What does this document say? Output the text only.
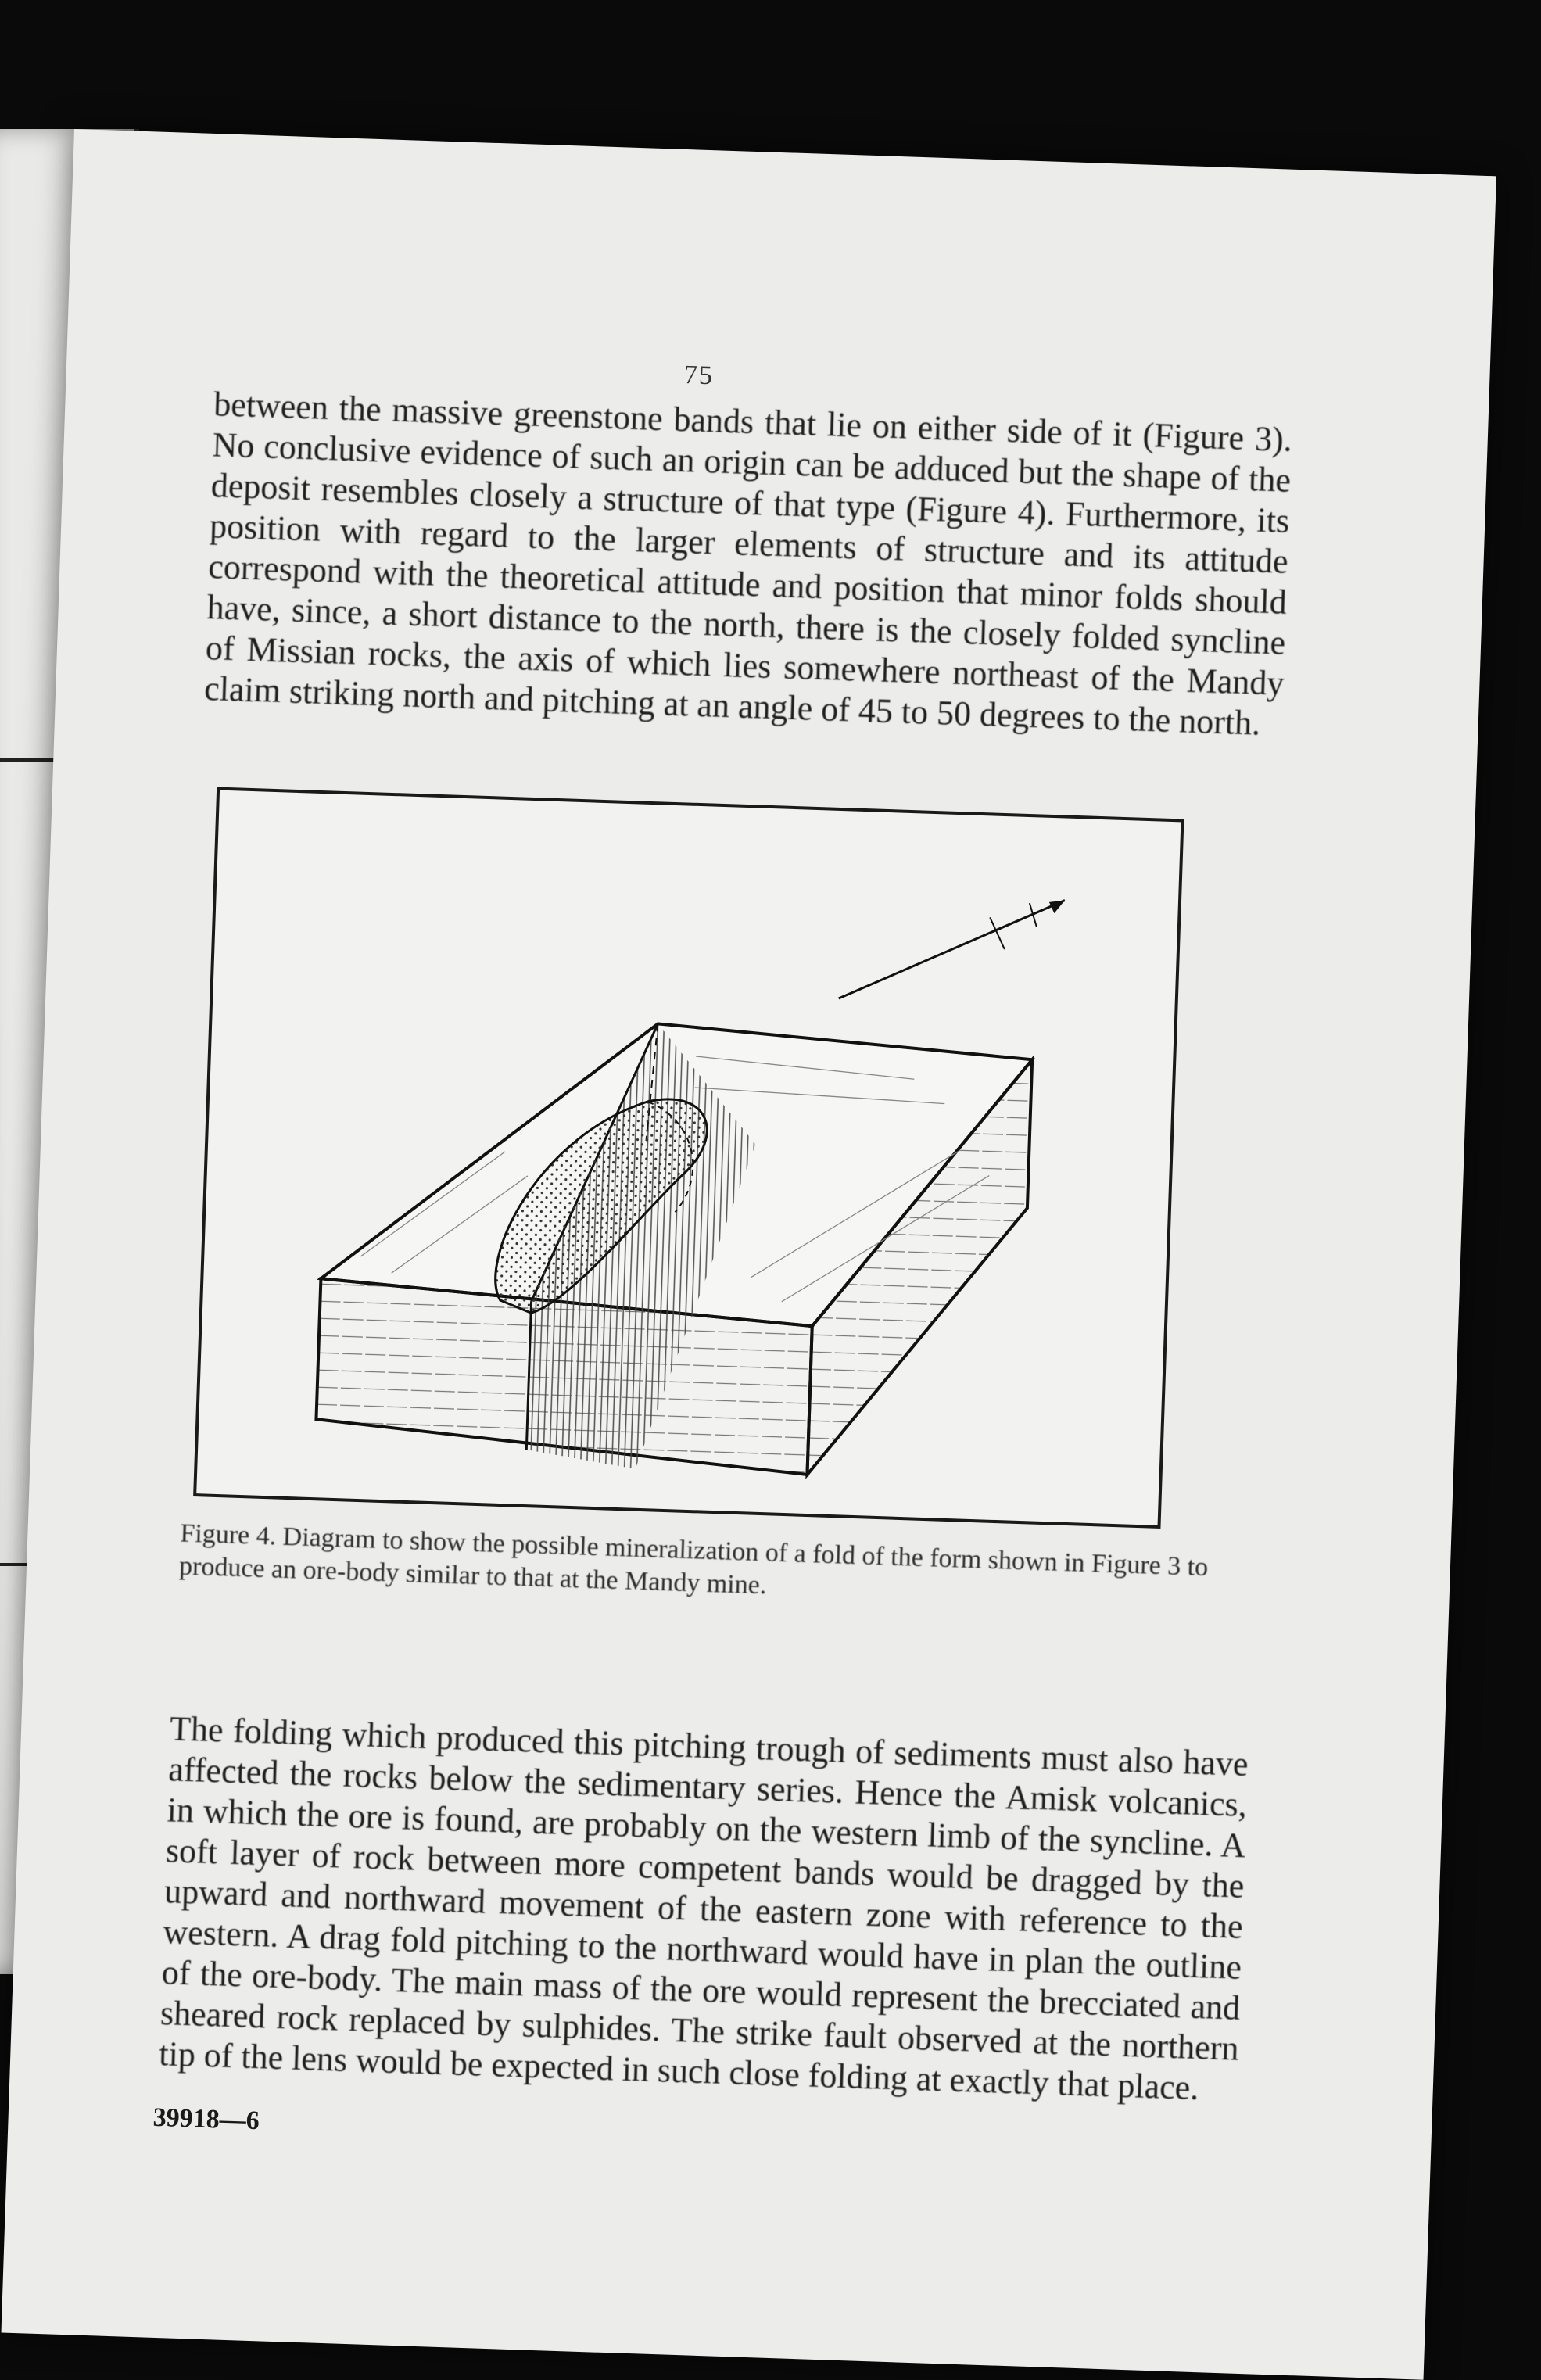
75

between the massive greenstone bands that lie on either side of it (Figure 3). No conclusive evidence of such an origin can be adduced but the shape of the deposit resembles closely a structure of that type (Figure 4). Furthermore, its position with regard to the larger elements of structure and its attitude correspond with the theoretical attitude and position that minor folds should have, since, a short distance to the north, there is the closely folded syncline of Missian rocks, the axis of which lies somewhere northeast of the Mandy claim striking north and pitching at an angle of 45 to 50 degrees to the north.

Figure 4. Diagram to show the possible mineralization of a fold of the form shown in Figure 3 to produce an ore-body similar to that at the Mandy mine.

The folding which produced this pitching trough of sediments must also have affected the rocks below the sedimentary series. Hence the Amisk volcanics, in which the ore is found, are probably on the western limb of the syncline. A soft layer of rock between more competent bands would be dragged by the upward and northward movement of the eastern zone with reference to the western. A drag fold pitching to the northward would have in plan the outline of the ore-body. The main mass of the ore would represent the brecciated and sheared rock replaced by sulphides. The strike fault observed at the northern tip of the lens would be expected in such close folding at exactly that place.

39918—6
